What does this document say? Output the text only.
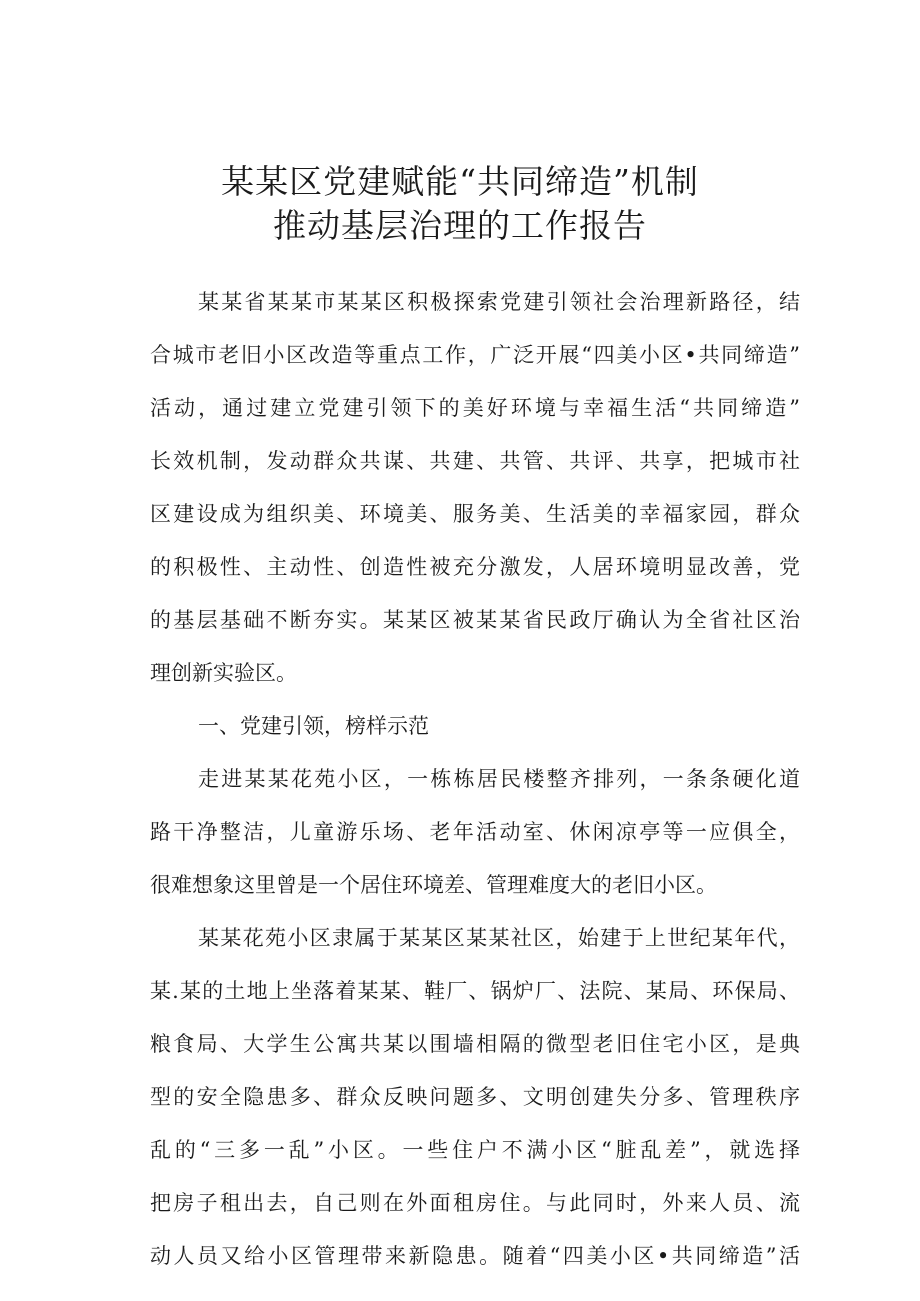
某某区党建赋能“共同缔造”机制
推动基层治理的工作报告
某某省某某市某某区积极探索党建引领社会治理新路径，结
合城市老旧小区改造等重点工作，广泛开展“四美小区•共同缔造”
活动，通过建立党建引领下的美好环境与幸福生活“共同缔造”
长效机制，发动群众共谋、共建、共管、共评、共享，把城市社
区建设成为组织美、环境美、服务美、生活美的幸福家园，群众
的积极性、主动性、创造性被充分激发，人居环境明显改善，党
的基层基础不断夯实。某某区被某某省民政厅确认为全省社区治
理创新实验区。
一、党建引领，榜样示范
走进某某花苑小区，一栋栋居民楼整齐排列，一条条硬化道
路干净整洁，儿童游乐场、老年活动室、休闲凉亭等一应俱全，
很难想象这里曾是一个居住环境差、管理难度大的老旧小区。
某某花苑小区隶属于某某区某某社区，始建于上世纪某年代，
某.某的土地上坐落着某某、鞋厂、锅炉厂、法院、某局、环保局、
粮食局、大学生公寓共某以围墙相隔的微型老旧住宅小区，是典
型的安全隐患多、群众反映问题多、文明创建失分多、管理秩序
乱的“三多一乱”小区。一些住户不满小区“脏乱差”，就选择
把房子租出去，自己则在外面租房住。与此同时，外来人员、流
动人员又给小区管理带来新隐患。随着“四美小区•共同缔造”活
